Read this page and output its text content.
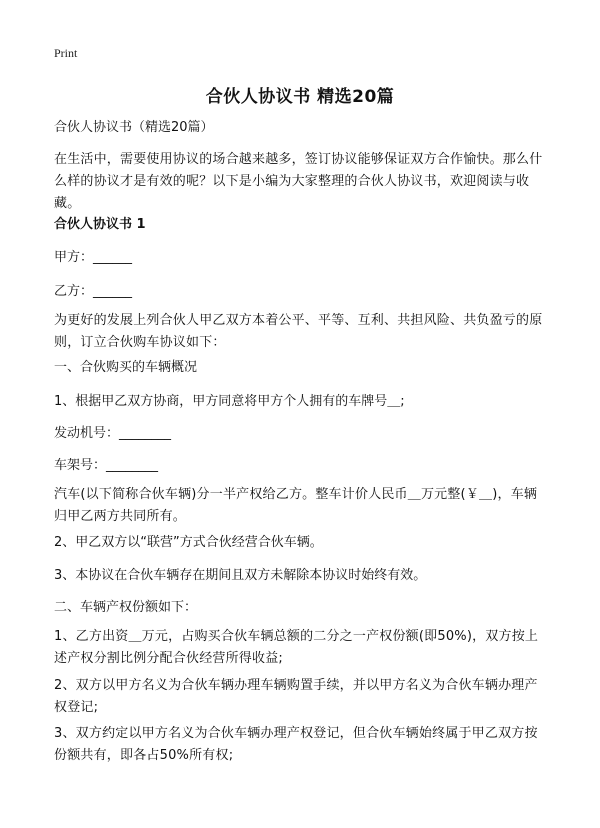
Print
合伙人协议书 精选20篇
合伙人协议书（精选20篇）
在生活中，需要使用协议的场合越来越多，签订协议能够保证双方合作愉快。那么什么样的协议才是有效的呢？以下是小编为大家整理的合伙人协议书，欢迎阅读与收藏。
合伙人协议书 1
甲方：______
乙方：______
为更好的发展上列合伙人甲乙双方本着公平、平等、互利、共担风险、共负盈亏的原则，订立合伙购车协议如下：
一、合伙购买的车辆概况
1、根据甲乙双方协商，甲方同意将甲方个人拥有的车牌号＿;
发动机号：________
车架号：________
汽车(以下简称合伙车辆)分一半产权给乙方。整车计价人民币＿万元整(￥＿)，车辆归甲乙两方共同所有。
2、甲乙双方以“联营”方式合伙经营合伙车辆。
3、本协议在合伙车辆存在期间且双方未解除本协议时始终有效。
二、车辆产权份额如下：
1、乙方出资＿万元，占购买合伙车辆总额的二分之一产权份额(即50%)，双方按上述产权分割比例分配合伙经营所得收益;
2、双方以甲方名义为合伙车辆办理车辆购置手续，并以甲方名义为合伙车辆办理产权登记;
3、双方约定以甲方名义为合伙车辆办理产权登记，但合伙车辆始终属于甲乙双方按份额共有，即各占50%所有权;
